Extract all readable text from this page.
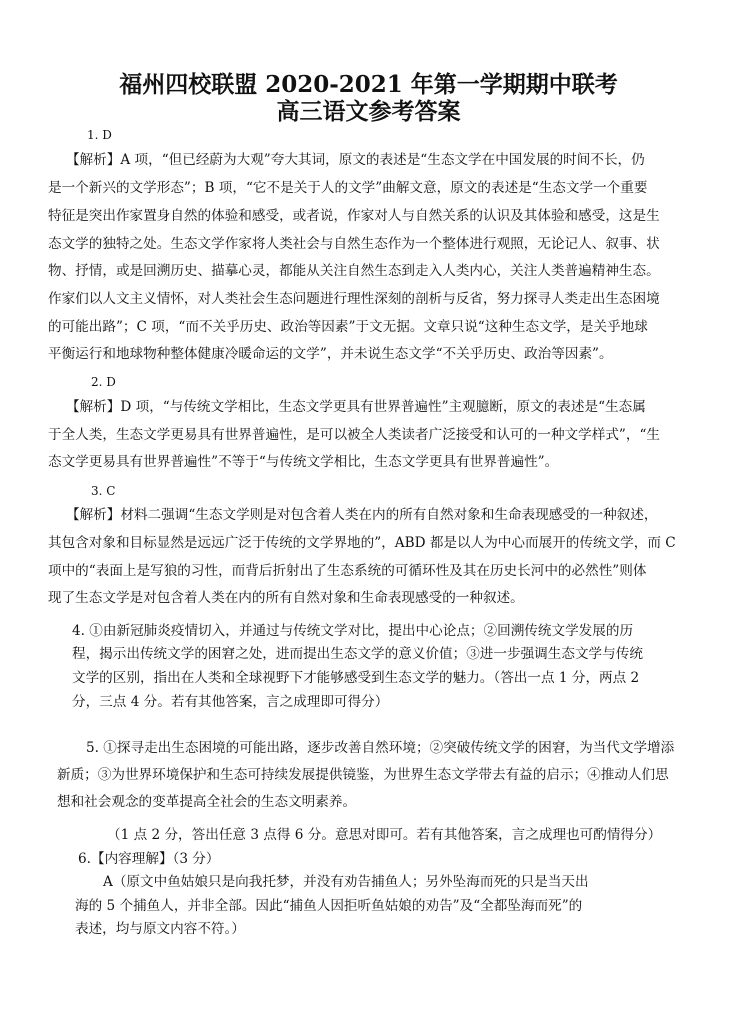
福州四校联盟 2020-2021 年第一学期期中联考
高三语文参考答案
1. D
【解析】A 项，“但已经蔚为大观”夸大其词，原文的表述是“生态文学在中国发展的时间不长，仍
是一个新兴的文学形态”；B 项，“它不是关于人的文学”曲解文意，原文的表述是“生态文学一个重要
特征是突出作家置身自然的体验和感受，或者说，作家对人与自然关系的认识及其体验和感受，这是生
态文学的独特之处。生态文学作家将人类社会与自然生态作为一个整体进行观照，无论记人、叙事、状
物、抒情，或是回溯历史、描摹心灵，都能从关注自然生态到走入人类内心，关注人类普遍精神生态。
作家们以人文主义情怀，对人类社会生态问题进行理性深刻的剖析与反省，努力探寻人类走出生态困境
的可能出路”；C 项，“而不关乎历史、政治等因素”于文无据。文章只说“这种生态文学，是关乎地球
平衡运行和地球物种整体健康冷暖命运的文学”，并未说生态文学“不关乎历史、政治等因素”。
2. D
【解析】D 项，“与传统文学相比，生态文学更具有世界普遍性”主观臆断，原文的表述是“生态属
于全人类，生态文学更易具有世界普遍性，是可以被全人类读者广泛接受和认可的一种文学样式”，“生
态文学更易具有世界普遍性”不等于“与传统文学相比，生态文学更具有世界普遍性”。
3. C
【解析】材料二强调“生态文学则是对包含着人类在内的所有自然对象和生命表现感受的一种叙述，
其包含对象和目标显然是远远广泛于传统的文学界地的”，ABD 都是以人为中心而展开的传统文学，而 C
项中的“表面上是写狼的习性，而背后折射出了生态系统的可循环性及其在历史长河中的必然性”则体
现了生态文学是对包含着人类在内的所有自然对象和生命表现感受的一种叙述。
4. ①由新冠肺炎疫情切入，并通过与传统文学对比，提出中心论点；②回溯传统文学发展的历
程，揭示出传统文学的困窘之处，进而提出生态文学的意义价值；③进一步强调生态文学与传统
文学的区别，指出在人类和全球视野下才能够感受到生态文学的魅力。（答出一点 1 分，两点 2
分，三点 4 分。若有其他答案，言之成理即可得分）
5. ①探寻走出生态困境的可能出路，逐步改善自然环境；②突破传统文学的困窘，为当代文学增添
新质；③为世界环境保护和生态可持续发展提供镜鉴，为世界生态文学带去有益的启示；④推动人们思
想和社会观念的变革提高全社会的生态文明素养。
（1 点 2 分，答出任意 3 点得 6 分。意思对即可。若有其他答案，言之成理也可酌情得分）
6.【内容理解】（3 分）
A（原文中鱼姑娘只是向我托梦，并没有劝告捕鱼人；另外坠海而死的只是当天出
海的 5 个捕鱼人，并非全部。因此“捕鱼人因拒听鱼姑娘的劝告”及“全都坠海而死”的
表述，均与原文内容不符。）
